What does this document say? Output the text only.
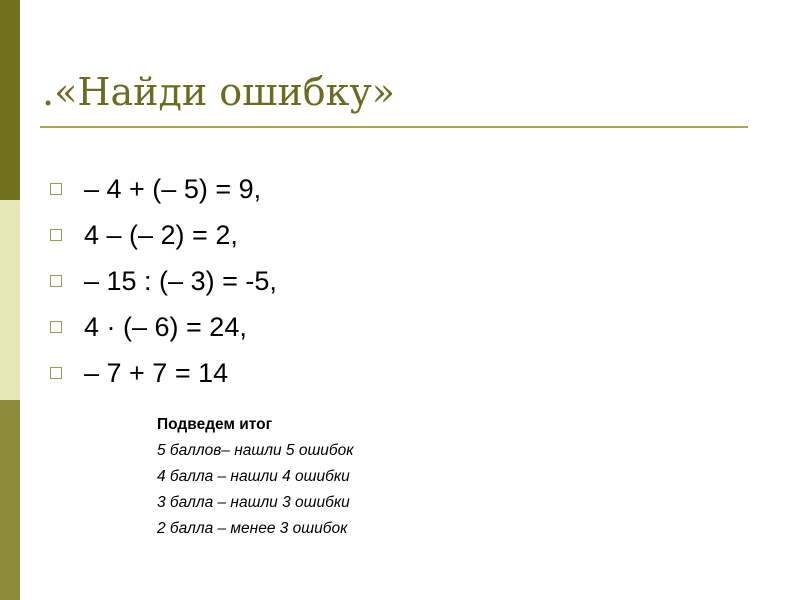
.«Найди ошибку»
– 4 + (– 5) = 9,
4 – (– 2) = 2,
– 15 : (– 3) = -5,
4 · (– 6) = 24,
– 7 + 7 = 14
Подведем итог
5 баллов– нашли 5 ошибок
4 балла – нашли 4 ошибки
3 балла – нашли 3 ошибки
2 балла – менее 3 ошибок
